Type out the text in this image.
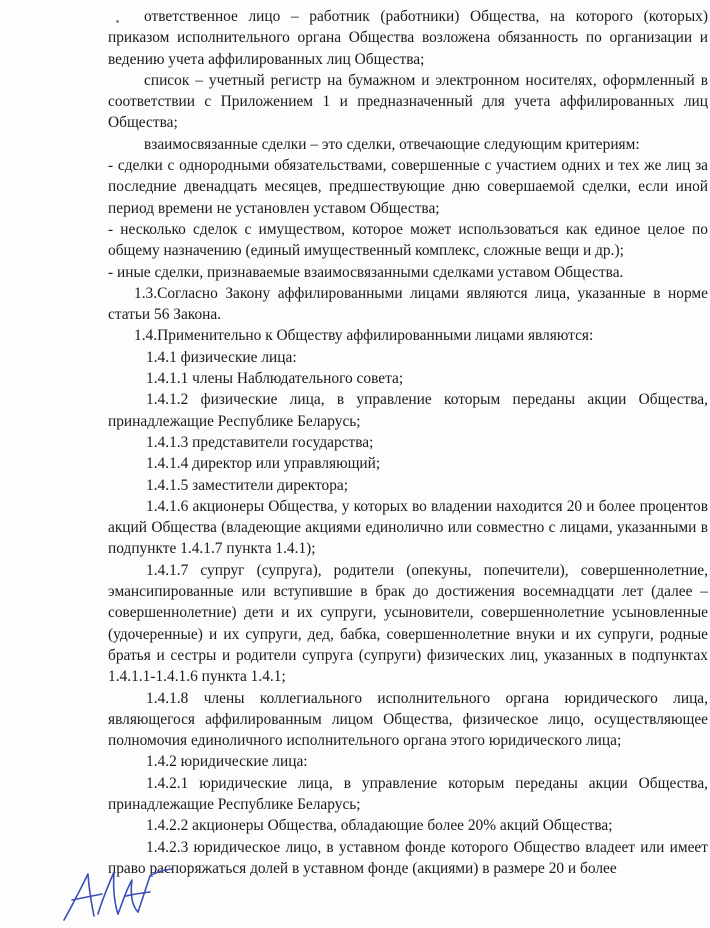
ответственное лицо – работник (работники) Общества, на которого (которых) приказом исполнительного органа Общества возложена обязанность по организации и ведению учета аффилированных лиц Общества;

список – учетный регистр на бумажном и электронном носителях, оформленный в соответствии с Приложением 1 и предназначенный для учета аффилированных лиц Общества;

взаимосвязанные сделки – это сделки, отвечающие следующим критериям:

- сделки с однородными обязательствами, совершенные с участием одних и тех же лиц за последние двенадцать месяцев, предшествующие дню совершаемой сделки, если иной период времени не установлен уставом Общества;

- несколько сделок с имуществом, которое может использоваться как единое целое по общему назначению (единый имущественный комплекс, сложные вещи и др.);

- иные сделки, признаваемые взаимосвязанными сделками уставом Общества.

1.3.Согласно Закону аффилированными лицами являются лица, указанные в норме статьи 56 Закона.

1.4.Применительно к Обществу аффилированными лицами являются:

1.4.1 физические лица:

1.4.1.1 члены Наблюдательного совета;

1.4.1.2 физические лица, в управление которым переданы акции Общества, принадлежащие Республике Беларусь;

1.4.1.3 представители государства;

1.4.1.4 директор или управляющий;

1.4.1.5 заместители директора;

1.4.1.6 акционеры Общества, у которых во владении находится 20 и более процентов акций Общества (владеющие акциями единолично или совместно с лицами, указанными в подпункте 1.4.1.7 пункта 1.4.1);

1.4.1.7 супруг (супруга), родители (опекуны, попечители), совершеннолетние, эмансипированные или вступившие в брак до достижения восемнадцати лет (далее – совершеннолетние) дети и их супруги, усыновители, совершеннолетние усыновленные (удочеренные) и их супруги, дед, бабка, совершеннолетние внуки и их супруги, родные братья и сестры и родители супруга (супруги) физических лиц, указанных в подпунктах 1.4.1.1-1.4.1.6 пункта 1.4.1;

1.4.1.8 члены коллегиального исполнительного органа юридического лица, являющегося аффилированным лицом Общества, физическое лицо, осуществляющее полномочия единоличного исполнительного органа этого юридического лица;

1.4.2 юридические лица:

1.4.2.1 юридические лица, в управление которым переданы акции Общества, принадлежащие Республике Беларусь;

1.4.2.2 акционеры Общества, обладающие более 20% акций Общества;

1.4.2.3 юридическое лицо, в уставном фонде которого Общество владеет или имеет право распоряжаться долей в уставном фонде (акциями) в размере 20 и более
